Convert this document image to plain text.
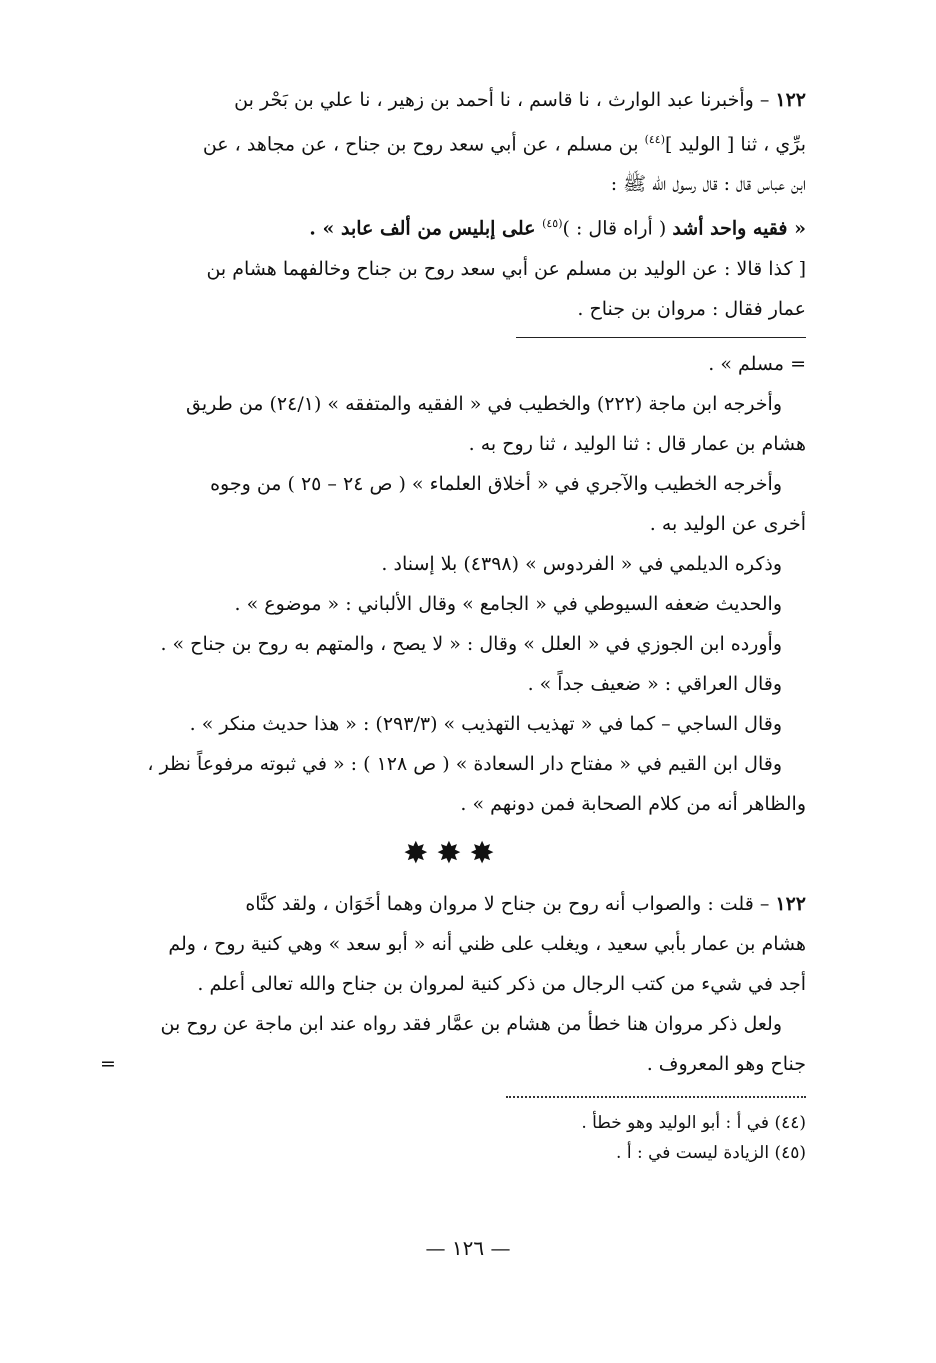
١٢٢ – وأخبرنا عبد الوارث ، نا قاسم ، نا أحمد بن زهير ، نا علي بن بَحْر بن
برِّي ، ثنا [ الوليد ]$^{(٤٤)}$ بن مسلم ، عن أبي سعد روح بن جناح ، عن مجاهد ، عن
ابن عباس قال : قال رسول الله ﷺ :
« فقيه واحد أشد ( أراه قال : )$^{(٤٥)}$ على إبليس من ألف عابد » .
[ كذا قالا : عن الوليد بن مسلم عن أبي سعد روح بن جناح وخالفهما هشام بن
عمار فقال : مروان بن جناح .
= مسلم » .
وأخرجه ابن ماجة (٢٢٢) والخطيب في « الفقيه والمتفقه » (٢٤/١) من طريق
هشام بن عمار قال : ثنا الوليد ، ثنا روح به .
وأخرجه الخطيب والآجري في « أخلاق العلماء » ( ص ٢٤ – ٢٥ ) من وجوه
أخرى عن الوليد به .
وذكره الديلمي في « الفردوس » (٤٣٩٨) بلا إسناد .
والحديث ضعفه السيوطي في « الجامع » وقال الألباني : « موضوع » .
وأورده ابن الجوزي في « العلل » وقال : « لا يصح ، والمتهم به روح بن جناح » .
وقال العراقي : « ضعيف جداً » .
وقال الساجي – كما في « تهذيب التهذيب » (٢٩٣/٣) : « هذا حديث منكر » .
وقال ابن القيم في « مفتاح دار السعادة » ( ص ١٢٨ ) : « في ثبوته مرفوعاً نظر ،
والظاهر أنه من كلام الصحابة فمن دونهم » .
✸✸✸
١٢٢ – قلت : والصواب أنه روح بن جناح لا مروان وهما أخَوَان ، ولقد كنَّاه
هشام بن عمار بأبي سعيد ، ويغلب على ظني أنه « أبو سعد » وهي كنية روح ، ولم
أجد في شيء من كتب الرجال من ذكر كنية لمروان بن جناح والله تعالى أعلم .
ولعل ذكر مروان هنا خطأ من هشام بن عمَّار فقد رواه عند ابن ماجة عن روح بن
جناح وهو المعروف .
=
(٤٤) في أ : أبو الوليد وهو خطأ .
(٤٥) الزيادة ليست في : أ .
— ١٢٦ —
